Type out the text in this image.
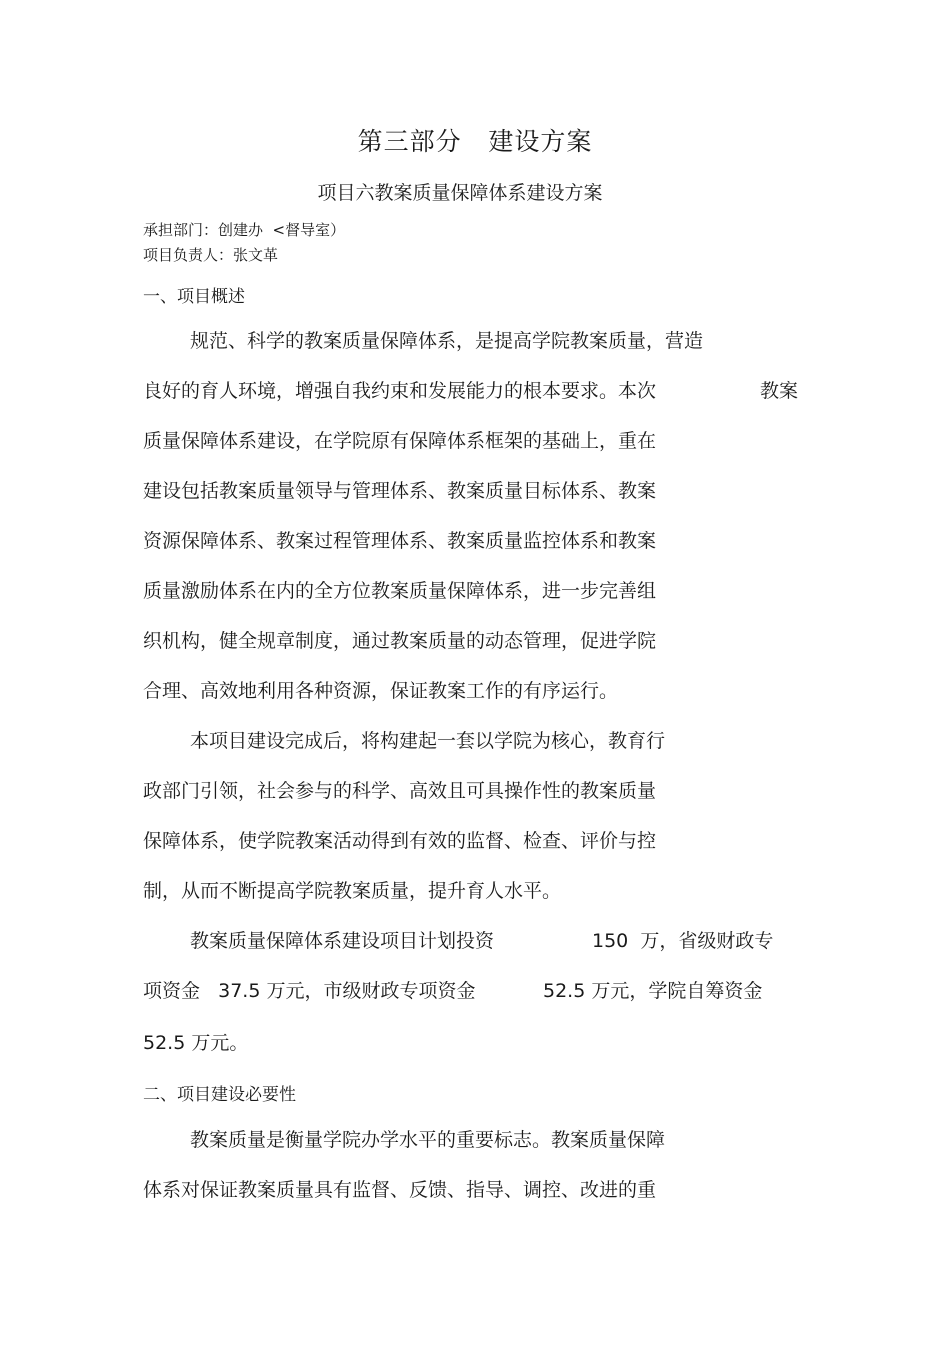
第三部分   建设方案
项目六教案质量保障体系建设方案
承担部门：创建办  <督导室）
项目负责人：张文革
一、项目概述
规范、科学的教案质量保障体系，是提高学院教案质量，营造
良好的育人环境，增强自我约束和发展能力的根本要求。本次	教案
质量保障体系建设，在学院原有保障体系框架的基础上，重在
建设包括教案质量领导与管理体系、教案质量目标体系、教案
资源保障体系、教案过程管理体系、教案质量监控体系和教案
质量激励体系在内的全方位教案质量保障体系，进一步完善组
织机构，健全规章制度，通过教案质量的动态管理，促进学院
合理、高效地利用各种资源，保证教案工作的有序运行。
本项目建设完成后，将构建起一套以学院为核心，教育行
政部门引领，社会参与的科学、高效且可具操作性的教案质量
保障体系，使学院教案活动得到有效的监督、检查、评价与控
制，从而不断提高学院教案质量，提升育人水平。
教案质量保障体系建设项目计划投资	150  万，省级财政专
项资金   37.5 万元，市级财政专项资金	52.5 万元，学院自筹资金
52.5 万元。
二、项目建设必要性
教案质量是衡量学院办学水平的重要标志。教案质量保障
体系对保证教案质量具有监督、反馈、指导、调控、改进的重
